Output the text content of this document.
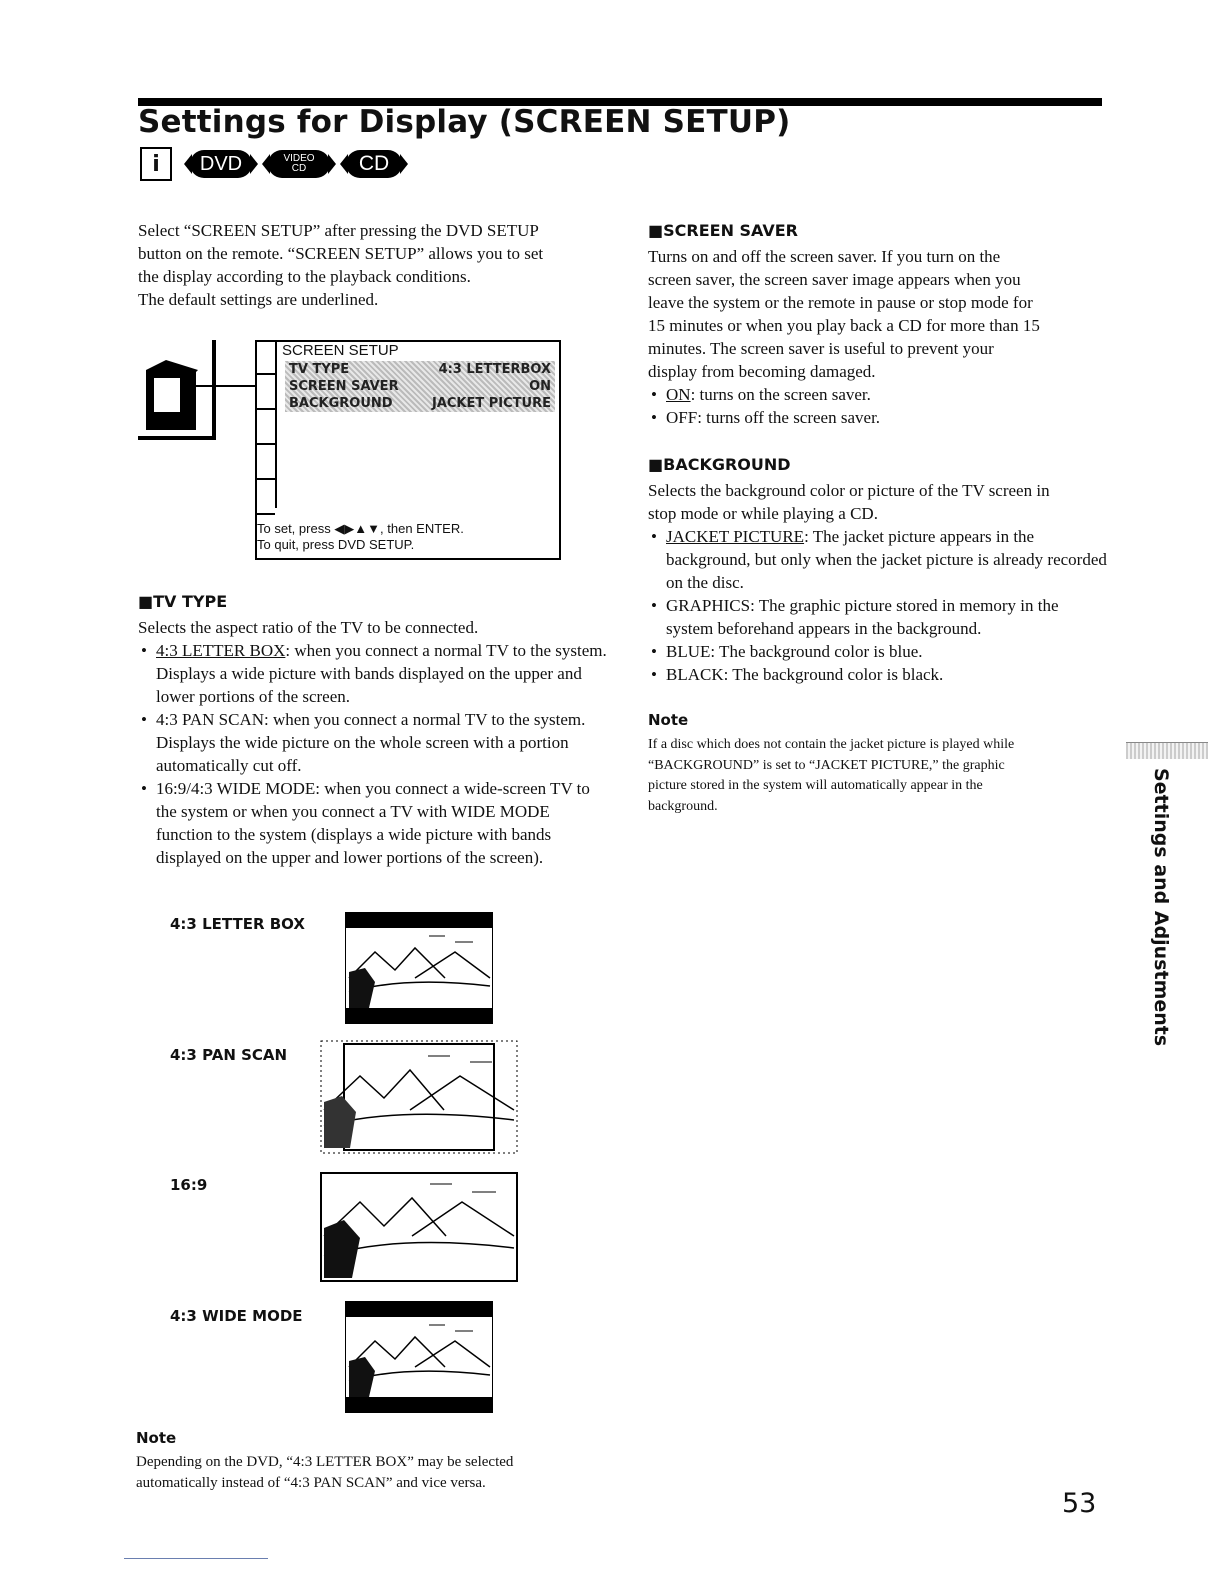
Settings for Display (SCREEN SETUP)
i	DVD	VIDEO
CD	CD
Select “SCREEN SETUP” after pressing the DVD SETUP
button on the remote. “SCREEN SETUP” allows you to set
the display according to the playback conditions.
The default settings are underlined.
SCREEN SETUP
TV TYPE	4:3 LETTERBOX
SCREEN SAVER	ON
BACKGROUND	JACKET PICTURE
To set, press ◀▶▲▼, then ENTER.
To quit, press DVD SETUP.
■TV TYPE
Selects the aspect ratio of the TV to be connected.
• 4:3 LETTER BOX: when you connect a normal TV to the system. Displays a wide picture with bands displayed on the upper and lower portions of the screen.
• 4:3 PAN SCAN: when you connect a normal TV to the system. Displays the wide picture on the whole screen with a portion automatically cut off.
• 16:9/4:3 WIDE MODE: when you connect a wide-screen TV to the system or when you connect a TV with WIDE MODE function to the system (displays a wide picture with bands displayed on the upper and lower portions of the screen).
4:3 LETTER BOX
4:3 PAN SCAN
16:9
4:3 WIDE MODE
Note
Depending on the DVD, “4:3 LETTER BOX” may be selected
automatically instead of “4:3 PAN SCAN” and vice versa.
■SCREEN SAVER
Turns on and off the screen saver. If you turn on the
screen saver, the screen saver image appears when you
leave the system or the remote in pause or stop mode for
15 minutes or when you play back a CD for more than 15
minutes. The screen saver is useful to prevent your
display from becoming damaged.
• ON: turns on the screen saver.
• OFF: turns off the screen saver.
■BACKGROUND
Selects the background color or picture of the TV screen in
stop mode or while playing a CD.
• JACKET PICTURE: The jacket picture appears in the background, but only when the jacket picture is already recorded on the disc.
• GRAPHICS: The graphic picture stored in memory in the system beforehand appears in the background.
• BLUE: The background color is blue.
• BLACK: The background color is black.
Note
If a disc which does not contain the jacket picture is played while
“BACKGROUND” is set to “JACKET PICTURE,” the graphic
picture stored in the system will automatically appear in the
background.	Settings and Adjustments
53
